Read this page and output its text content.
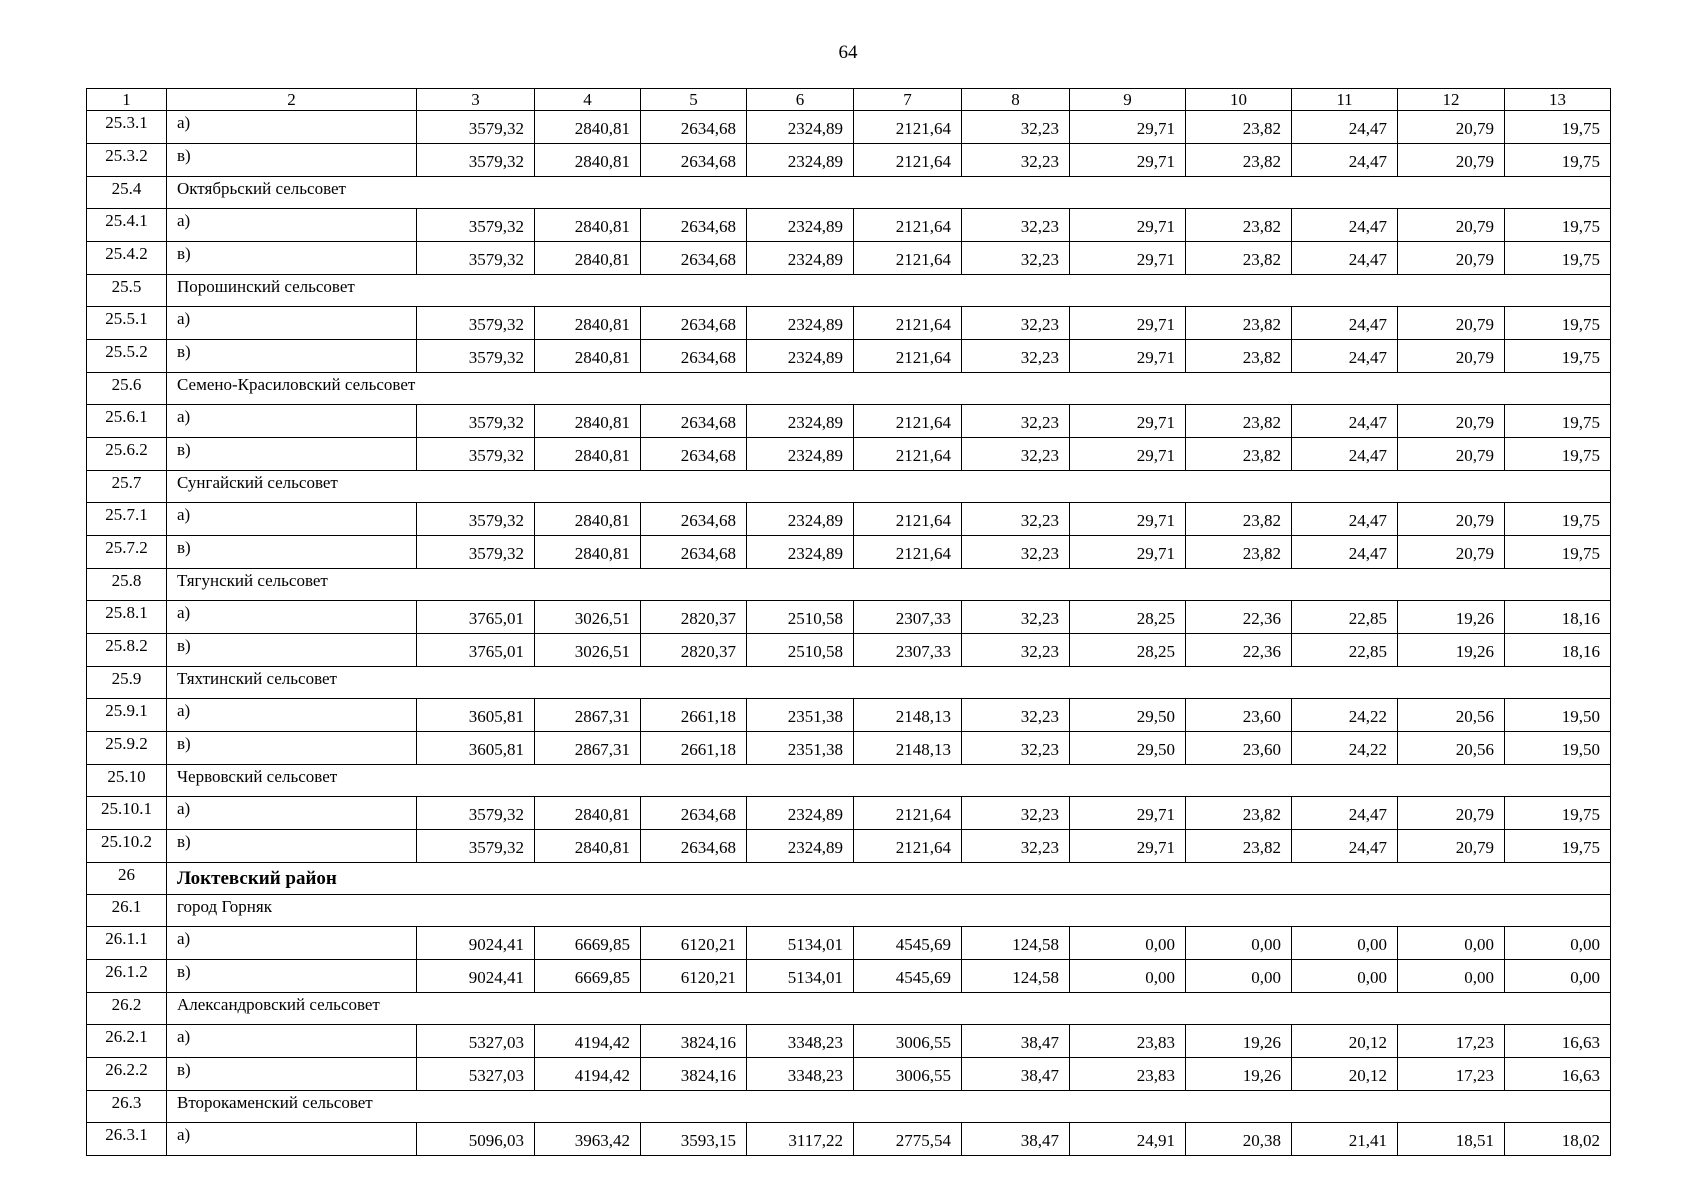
64
1	2	3	4	5	6	7	8	9	10	11	12	13
25.3.1	а)	3579,32	2840,81	2634,68	2324,89	2121,64	32,23	29,71	23,82	24,47	20,79	19,75
25.3.2	в)	3579,32	2840,81	2634,68	2324,89	2121,64	32,23	29,71	23,82	24,47	20,79	19,75
25.4	Октябрьский сельсовет											
25.4.1	а)	3579,32	2840,81	2634,68	2324,89	2121,64	32,23	29,71	23,82	24,47	20,79	19,75
25.4.2	в)	3579,32	2840,81	2634,68	2324,89	2121,64	32,23	29,71	23,82	24,47	20,79	19,75
25.5	Порошинский сельсовет											
25.5.1	а)	3579,32	2840,81	2634,68	2324,89	2121,64	32,23	29,71	23,82	24,47	20,79	19,75
25.5.2	в)	3579,32	2840,81	2634,68	2324,89	2121,64	32,23	29,71	23,82	24,47	20,79	19,75
25.6	Семено-Красиловский сельсовет											
25.6.1	а)	3579,32	2840,81	2634,68	2324,89	2121,64	32,23	29,71	23,82	24,47	20,79	19,75
25.6.2	в)	3579,32	2840,81	2634,68	2324,89	2121,64	32,23	29,71	23,82	24,47	20,79	19,75
25.7	Сунгайский сельсовет											
25.7.1	а)	3579,32	2840,81	2634,68	2324,89	2121,64	32,23	29,71	23,82	24,47	20,79	19,75
25.7.2	в)	3579,32	2840,81	2634,68	2324,89	2121,64	32,23	29,71	23,82	24,47	20,79	19,75
25.8	Тягунский сельсовет											
25.8.1	а)	3765,01	3026,51	2820,37	2510,58	2307,33	32,23	28,25	22,36	22,85	19,26	18,16
25.8.2	в)	3765,01	3026,51	2820,37	2510,58	2307,33	32,23	28,25	22,36	22,85	19,26	18,16
25.9	Тяхтинский сельсовет											
25.9.1	а)	3605,81	2867,31	2661,18	2351,38	2148,13	32,23	29,50	23,60	24,22	20,56	19,50
25.9.2	в)	3605,81	2867,31	2661,18	2351,38	2148,13	32,23	29,50	23,60	24,22	20,56	19,50
25.10	Червовский сельсовет											
25.10.1	а)	3579,32	2840,81	2634,68	2324,89	2121,64	32,23	29,71	23,82	24,47	20,79	19,75
25.10.2	в)	3579,32	2840,81	2634,68	2324,89	2121,64	32,23	29,71	23,82	24,47	20,79	19,75
26	Локтевский район											
26.1	город Горняк											
26.1.1	а)	9024,41	6669,85	6120,21	5134,01	4545,69	124,58	0,00	0,00	0,00	0,00	0,00
26.1.2	в)	9024,41	6669,85	6120,21	5134,01	4545,69	124,58	0,00	0,00	0,00	0,00	0,00
26.2	Александровский сельсовет											
26.2.1	а)	5327,03	4194,42	3824,16	3348,23	3006,55	38,47	23,83	19,26	20,12	17,23	16,63
26.2.2	в)	5327,03	4194,42	3824,16	3348,23	3006,55	38,47	23,83	19,26	20,12	17,23	16,63
26.3	Второкаменский сельсовет											
26.3.1	а)	5096,03	3963,42	3593,15	3117,22	2775,54	38,47	24,91	20,38	21,41	18,51	18,02
